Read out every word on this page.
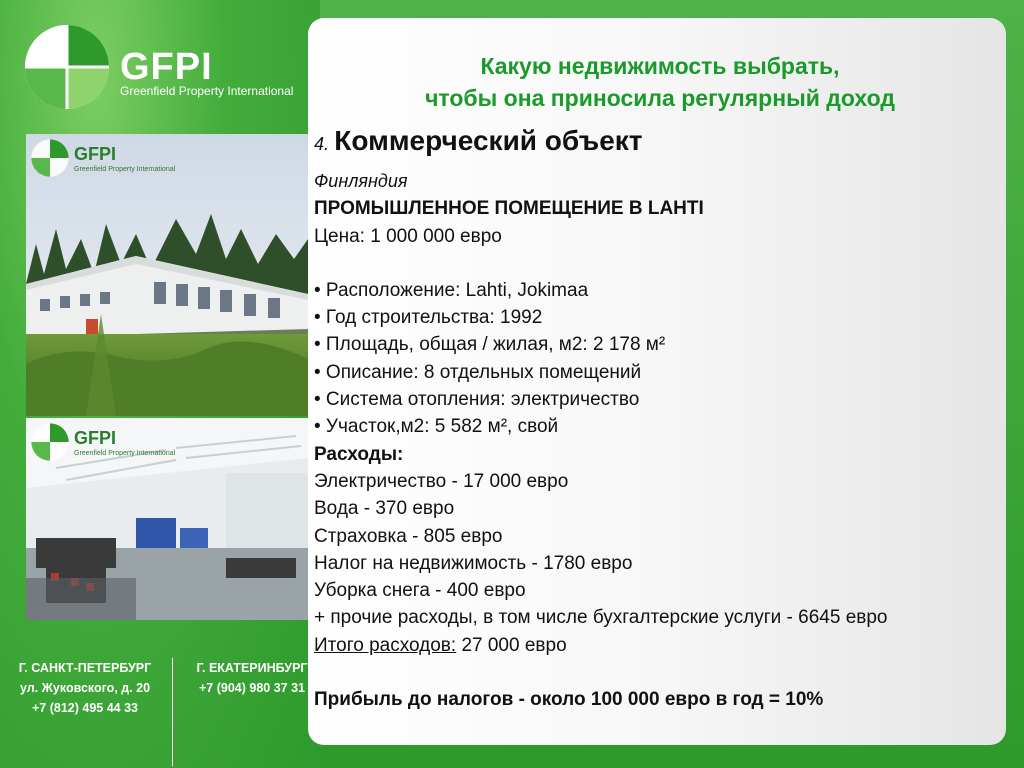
GFPI
Greenfield Property International
Какую недвижимость выбрать,
чтобы она приносила регулярный доход
GFPI
Greenfield Property International
GFPI
Greenfield Property International
4. Коммерческий объект
Финляндия
ПРОМЫШЛЕННОЕ ПОМЕЩЕНИЕ В LAHTI
Цена: 1 000 000 евро
• Расположение: Lahti, Jokimaa
• Год строительства: 1992
• Площадь, общая / жилая, м2: 2 178 м²
• Описание: 8 отдельных помещений
• Система отопления: электричество
• Участок,м2: 5 582 м², свой
Расходы:
Электричество - 17 000 евро
Вода - 370 евро
Страховка - 805 евро
Налог на недвижимость - 1780 евро
Уборка снега - 400 евро
+ прочие расходы, в том числе бухгалтерские услуги - 6645 евро
Итого расходов: 27 000 евро
Прибыль до налогов - около 100 000 евро в год = 10%
Г. САНКТ-ПЕТЕРБУРГ
ул. Жуковского, д. 20
+7 (812) 495 44 33
Г. ЕКАТЕРИНБУРГ
+7 (904) 980 37 31
